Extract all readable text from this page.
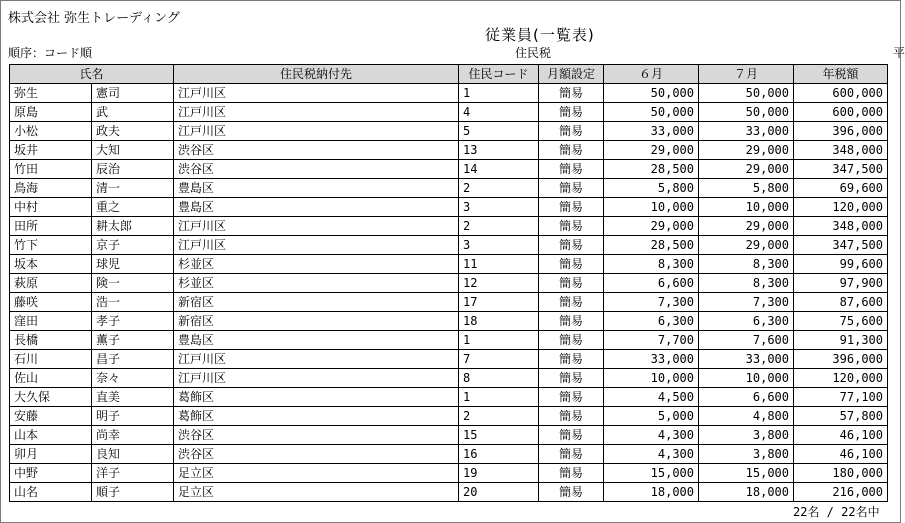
株式会社 弥生トレーディング
従業員(一覧表)
順序：コード順	住民税	平
氏名		住民税納付先	住民コード	月額設定	６月	７月	年税額
弥生	憲司	江戸川区	1	簡易	50,000	50,000	600,000
原島	武	江戸川区	4	簡易	50,000	50,000	600,000
小松	政夫	江戸川区	5	簡易	33,000	33,000	396,000
坂井	大知	渋谷区	13	簡易	29,000	29,000	348,000
竹田	辰治	渋谷区	14	簡易	28,500	29,000	347,500
鳥海	清一	豊島区	2	簡易	5,800	5,800	69,600
中村	重之	豊島区	3	簡易	10,000	10,000	120,000
田所	耕太郎	江戸川区	2	簡易	29,000	29,000	348,000
竹下	京子	江戸川区	3	簡易	28,500	29,000	347,500
坂本	球児	杉並区	11	簡易	8,300	8,300	99,600
萩原	険一	杉並区	12	簡易	6,600	8,300	97,900
藤咲	浩一	新宿区	17	簡易	7,300	7,300	87,600
窪田	孝子	新宿区	18	簡易	6,300	6,300	75,600
長橋	薫子	豊島区	1	簡易	7,700	7,600	91,300
石川	昌子	江戸川区	7	簡易	33,000	33,000	396,000
佐山	奈々	江戸川区	8	簡易	10,000	10,000	120,000
大久保	直美	葛飾区	1	簡易	4,500	6,600	77,100
安藤	明子	葛飾区	2	簡易	5,000	4,800	57,800
山本	尚幸	渋谷区	15	簡易	4,300	3,800	46,100
卯月	良知	渋谷区	16	簡易	4,300	3,800	46,100
中野	洋子	足立区	19	簡易	15,000	15,000	180,000
山名	順子	足立区	20	簡易	18,000	18,000	216,000
22名 / 22名中
